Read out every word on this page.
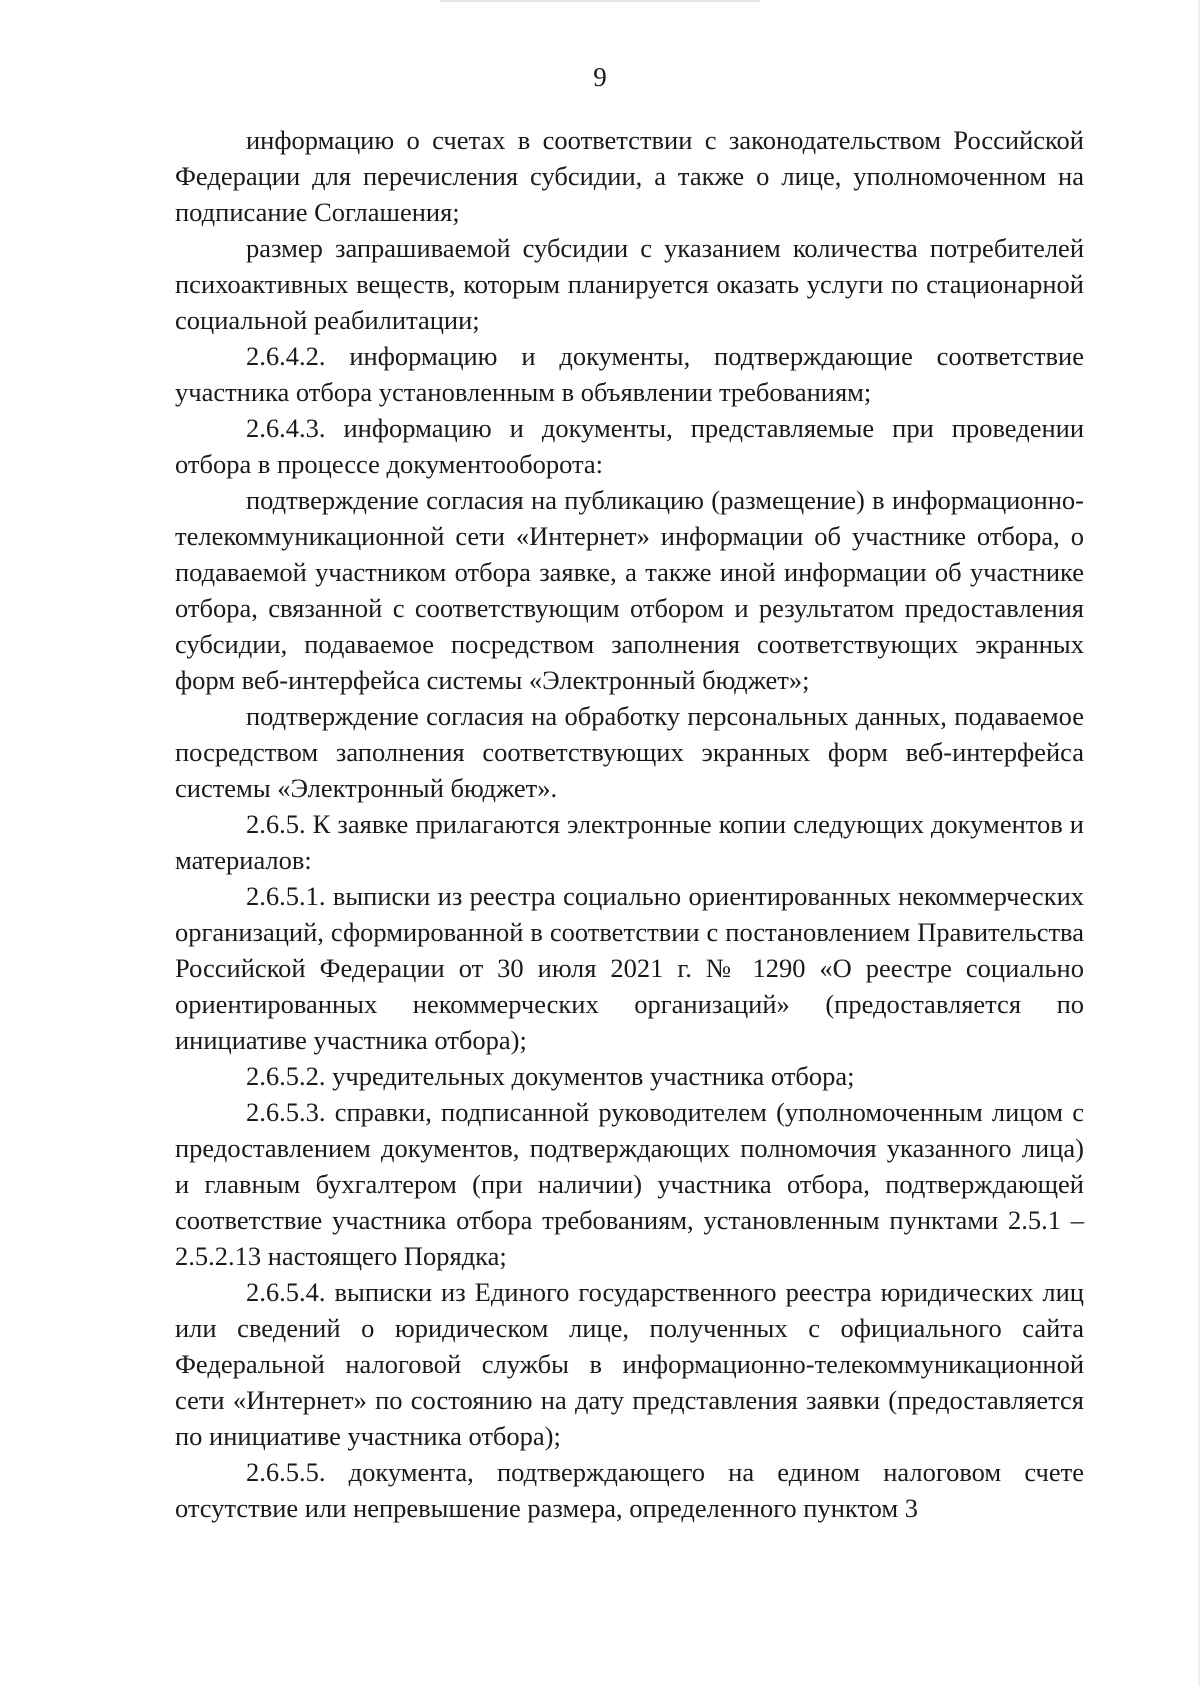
9

информацию о счетах в соответствии с законодательством Российской Федерации для перечисления субсидии, а также о лице, уполномоченном на подписание Соглашения;

размер запрашиваемой субсидии с указанием количества потребителей психоактивных веществ, которым планируется оказать услуги по стационарной социальной реабилитации;

2.6.4.2. информацию и документы, подтверждающие соответствие участника отбора установленным в объявлении требованиям;

2.6.4.3. информацию и документы, представляемые при проведении отбора в процессе документооборота:

подтверждение согласия на публикацию (размещение) в информационно-телекоммуникационной сети «Интернет» информации об участнике отбора, о подаваемой участником отбора заявке, а также иной информации об участнике отбора, связанной с соответствующим отбором и результатом предоставления субсидии, подаваемое посредством заполнения соответствующих экранных форм веб-интерфейса системы «Электронный бюджет»;

подтверждение согласия на обработку персональных данных, подаваемое посредством заполнения соответствующих экранных форм веб-интерфейса системы «Электронный бюджет».

2.6.5. К заявке прилагаются электронные копии следующих документов и материалов:

2.6.5.1. выписки из реестра социально ориентированных некоммерческих организаций, сформированной в соответствии с постановлением Правительства Российской Федерации от 30 июля 2021 г. № 1290 «О реестре социально ориентированных некоммерческих организаций» (предоставляется по инициативе участника отбора);

2.6.5.2. учредительных документов участника отбора;

2.6.5.3. справки, подписанной руководителем (уполномоченным лицом с предоставлением документов, подтверждающих полномочия указанного лица) и главным бухгалтером (при наличии) участника отбора, подтверждающей соответствие участника отбора требованиям, установленным пунктами 2.5.1 – 2.5.2.13 настоящего Порядка;

2.6.5.4. выписки из Единого государственного реестра юридических лиц или сведений о юридическом лице, полученных с официального сайта Федеральной налоговой службы в информационно-телекоммуникационной сети «Интернет» по состоянию на дату представления заявки (предоставляется по инициативе участника отбора);

2.6.5.5. документа, подтверждающего на едином налоговом счете отсутствие или непревышение размера, определенного пунктом 3
